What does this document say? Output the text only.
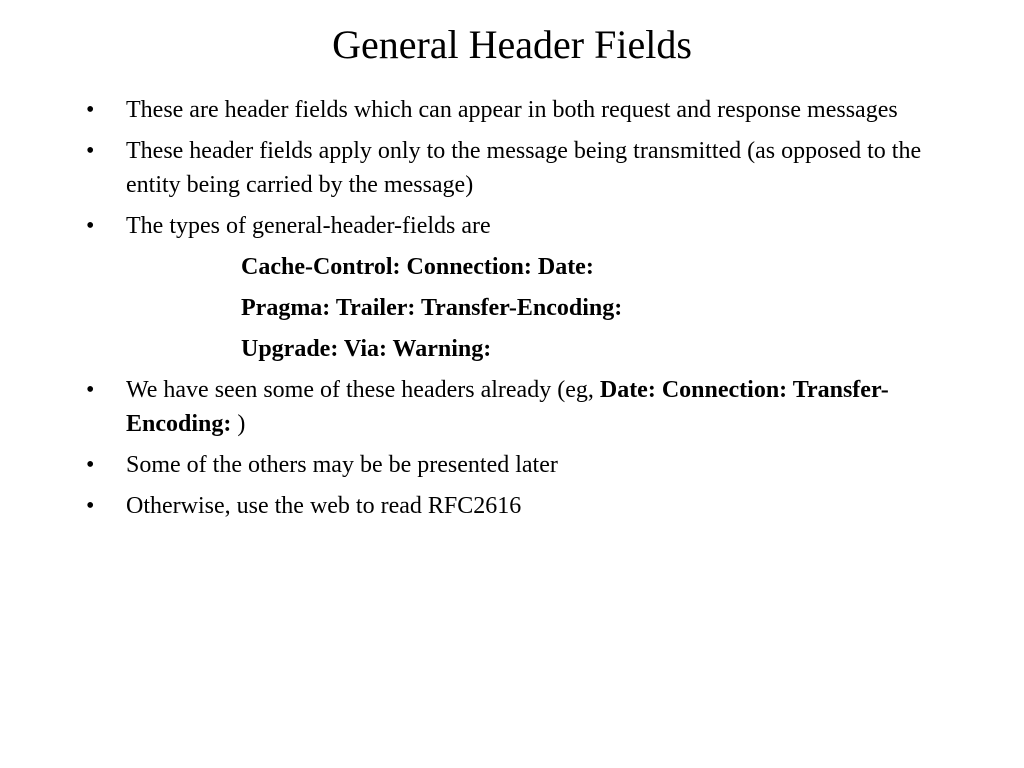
General Header Fields
•	These are header fields which can appear in both request and response messages
•	These header fields apply only to the message being transmitted (as opposed to the entity being carried by the message)
•	The types of general-header-fields are
Cache-Control: Connection: Date:
Pragma: Trailer: Transfer-Encoding:
Upgrade: Via: Warning:
•	We have seen some of these headers already (eg, Date: Connection: Transfer-Encoding: )
•	Some of the others may be be presented later
•	Otherwise, use the web to read RFC2616
